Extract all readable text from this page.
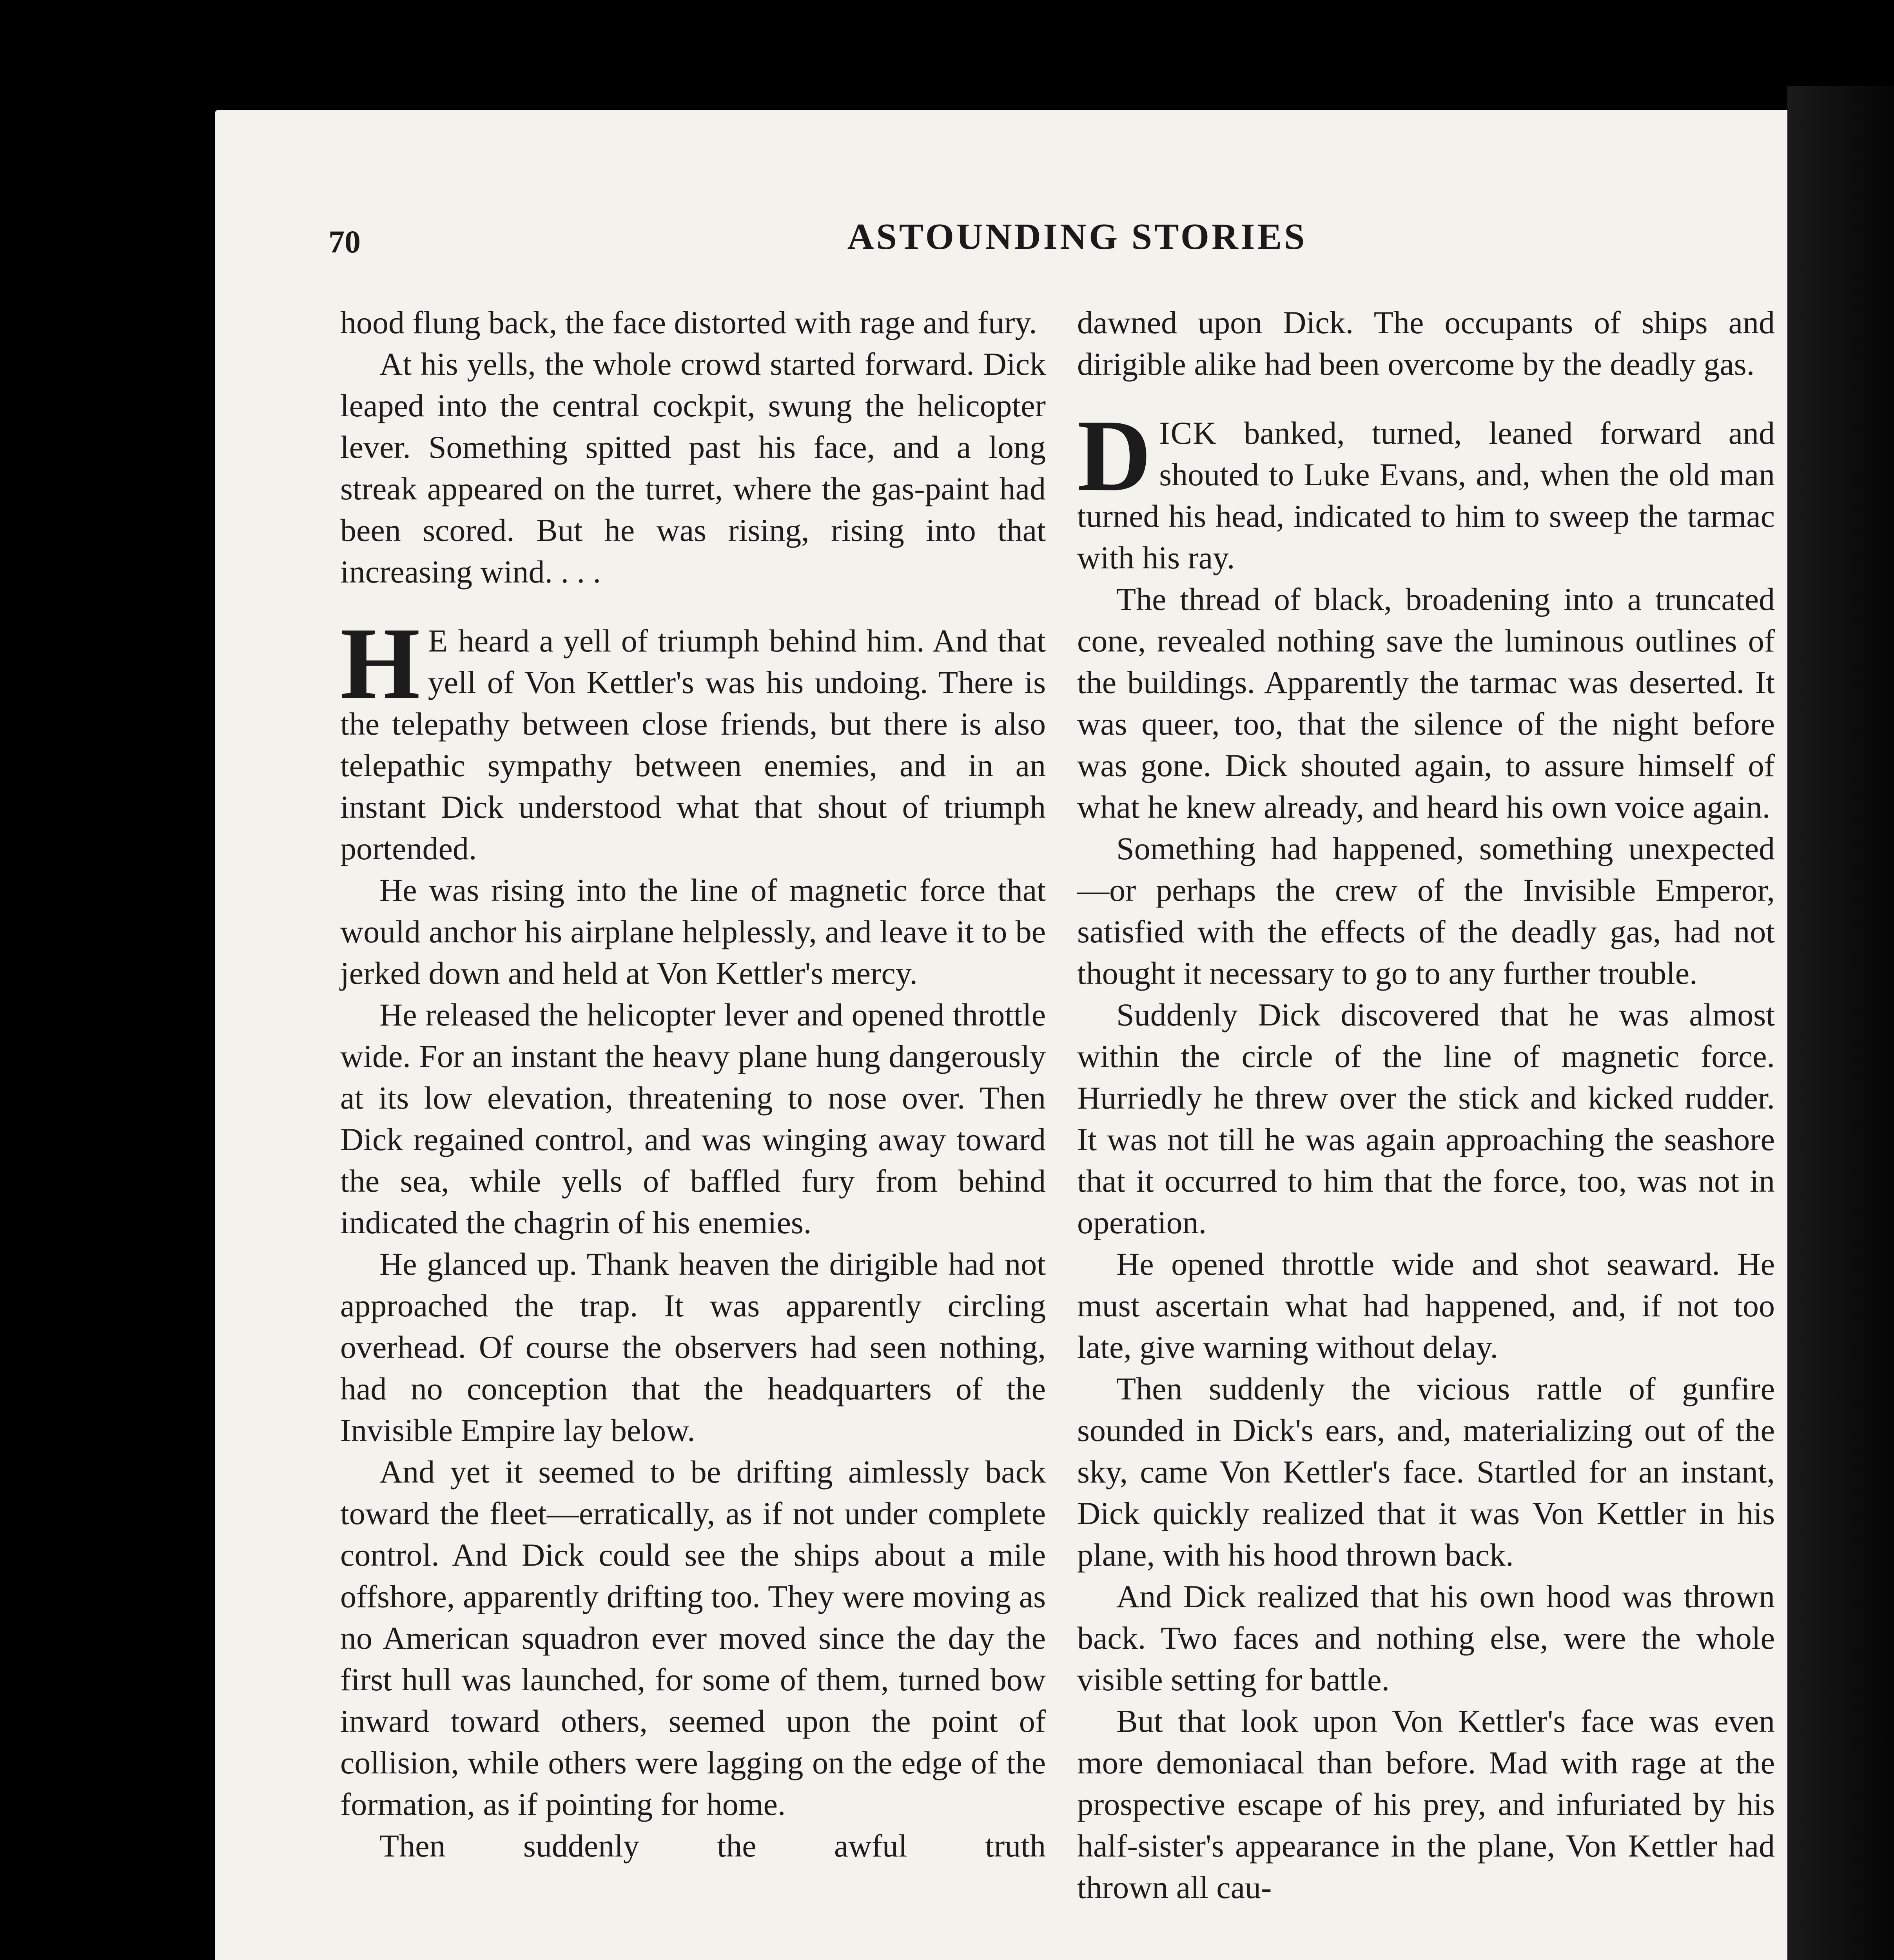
70	ASTOUNDING STORIES

hood flung back, the face distorted with rage and fury.

At his yells, the whole crowd started forward. Dick leaped into the central cockpit, swung the helicopter lever. Something spitted past his face, and a long streak appeared on the turret, where the gas-paint had been scored. But he was rising, rising into that increasing wind. . . .

H E heard a yell of triumph behind him. And that yell of Von Kettler's was his undoing. There is the telepathy between close friends, but there is also telepathic sympathy between enemies, and in an instant Dick understood what that shout of triumph portended.

He was rising into the line of magnetic force that would anchor his airplane helplessly, and leave it to be jerked down and held at Von Kettler's mercy.

He released the helicopter lever and opened throttle wide. For an instant the heavy plane hung dangerously at its low elevation, threatening to nose over. Then Dick regained control, and was winging away toward the sea, while yells of baffled fury from behind indicated the chagrin of his enemies.

He glanced up. Thank heaven the dirigible had not approached the trap. It was apparently circling overhead. Of course the observers had seen nothing, had no conception that the headquarters of the Invisible Empire lay below.

And yet it seemed to be drifting aimlessly back toward the fleet—erratically, as if not under complete control. And Dick could see the ships about a mile offshore, apparently drifting too. They were moving as no American squadron ever moved since the day the first hull was launched, for some of them, turned bow inward toward others, seemed upon the point of collision, while others were lagging on the edge of the formation, as if pointing for home.

Then suddenly the awful truth

dawned upon Dick. The occupants of ships and dirigible alike had been overcome by the deadly gas.

DICK banked, turned, leaned forward and shouted to Luke Evans, and, when the old man turned his head, indicated to him to sweep the tarmac with his ray.

The thread of black, broadening into a truncated cone, revealed nothing save the luminous outlines of the buildings. Apparently the tarmac was deserted. It was queer, too, that the silence of the night before was gone. Dick shouted again, to assure himself of what he knew already, and heard his own voice again.

Something had happened, something unexpected—or perhaps the crew of the Invisible Emperor, satisfied with the effects of the deadly gas, had not thought it necessary to go to any further trouble.

Suddenly Dick discovered that he was almost within the circle of the line of magnetic force. Hurriedly he threw over the stick and kicked rudder. It was not till he was again approaching the seashore that it occurred to him that the force, too, was not in operation.

He opened throttle wide and shot seaward. He must ascertain what had happened, and, if not too late, give warning without delay.

Then suddenly the vicious rattle of gunfire sounded in Dick's ears, and, materializing out of the sky, came Von Kettler's face. Startled for an instant, Dick quickly realized that it was Von Kettler in his plane, with his hood thrown back.

And Dick realized that his own hood was thrown back. Two faces and nothing else, were the whole visible setting for battle.

But that look upon Von Kettler's face was even more demoniacal than before. Mad with rage at the prospective escape of his prey, and infuriated by his half-sister's appearance in the plane, Von Kettler had thrown all cau-
